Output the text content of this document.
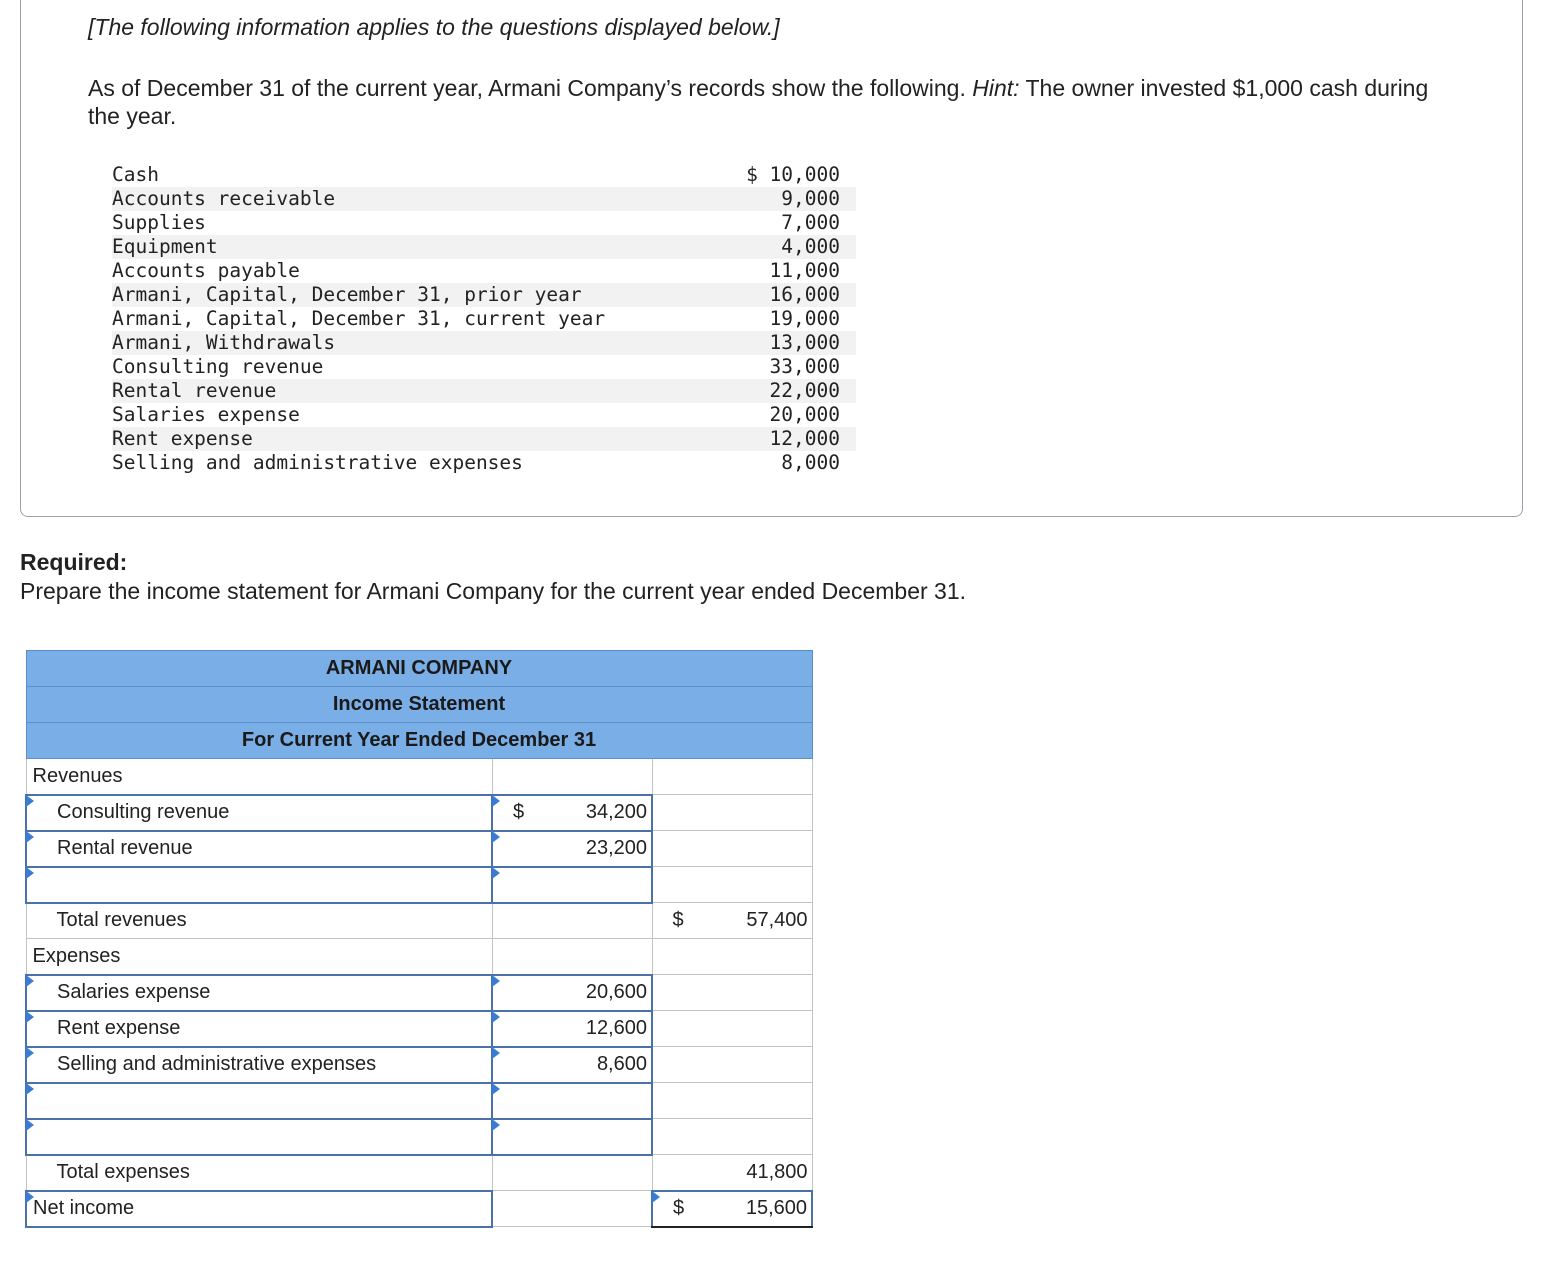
[The following information applies to the questions displayed below.]
As of December 31 of the current year, Armani Company’s records show the following. Hint: The owner invested $1,000 cash during the year.
Cash	$ 10,000
Accounts receivable	9,000
Supplies	7,000
Equipment	4,000
Accounts payable	11,000
Armani, Capital, December 31, prior year	16,000
Armani, Capital, December 31, current year	19,000
Armani, Withdrawals	13,000
Consulting revenue	33,000
Rental revenue	22,000
Salaries expense	20,000
Rent expense	12,000
Selling and administrative expenses	8,000
Required:
Prepare the income statement for Armani Company for the current year ended December 31.
ARMANI COMPANY		
Income Statement		
For Current Year Ended December 31		

Revenues		

Consulting revenue	$ 34,200	

Rental revenue	23,200	

Total revenues		$ 57,400

Expenses		

Salaries expense	20,600	

Rent expense	12,600	

Selling and administrative expenses	8,600	

Total expenses		41,800

Net income		$ 15,600
